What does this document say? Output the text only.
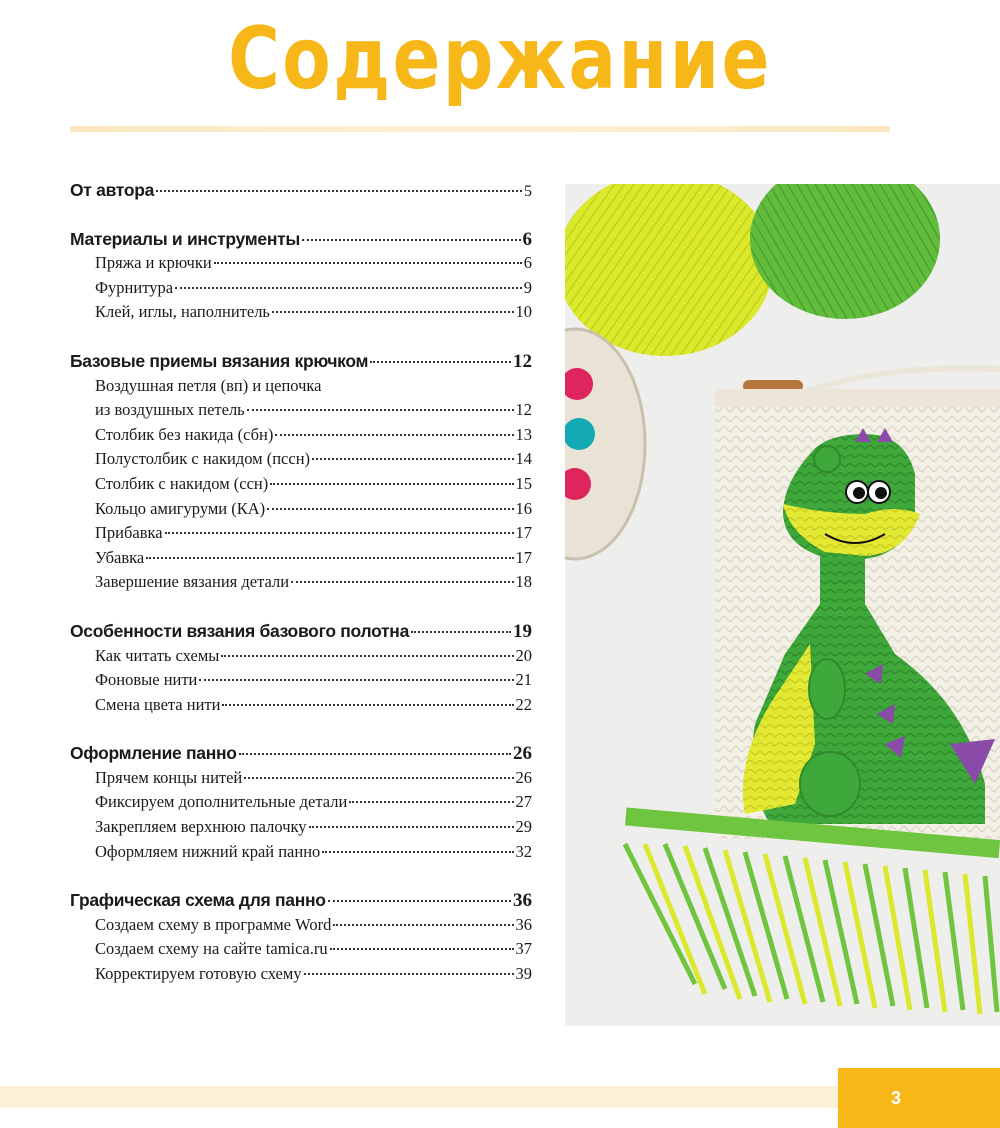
Содержание
От автора	5
Материалы и инструменты	6
Пряжа и крючки	6
Фурнитура	9
Клей, иглы, наполнитель	10
Базовые приемы вязания крючком	12
Воздушная петля (вп) и цепочка
из воздушных петель	12
Столбик без накида (сбн)	13
Полустолбик с накидом (пссн)	14
Столбик с накидом (ссн)	15
Кольцо амигуруми (КА)	16
Прибавка	17
Убавка	17
Завершение вязания детали	18
Особенности вязания базового полотна	19
Как читать схемы	20
Фоновые нити	21
Смена цвета нити	22
Оформление панно	26
Прячем концы нитей	26
Фиксируем дополнительные детали	27
Закрепляем верхнюю палочку	29
Оформляем нижний край панно	32
Графическая схема для панно	36
Создаем схему в программе Word	36
Создаем схему на сайте tamica.ru	37
Корректируем готовую схему	39
3
